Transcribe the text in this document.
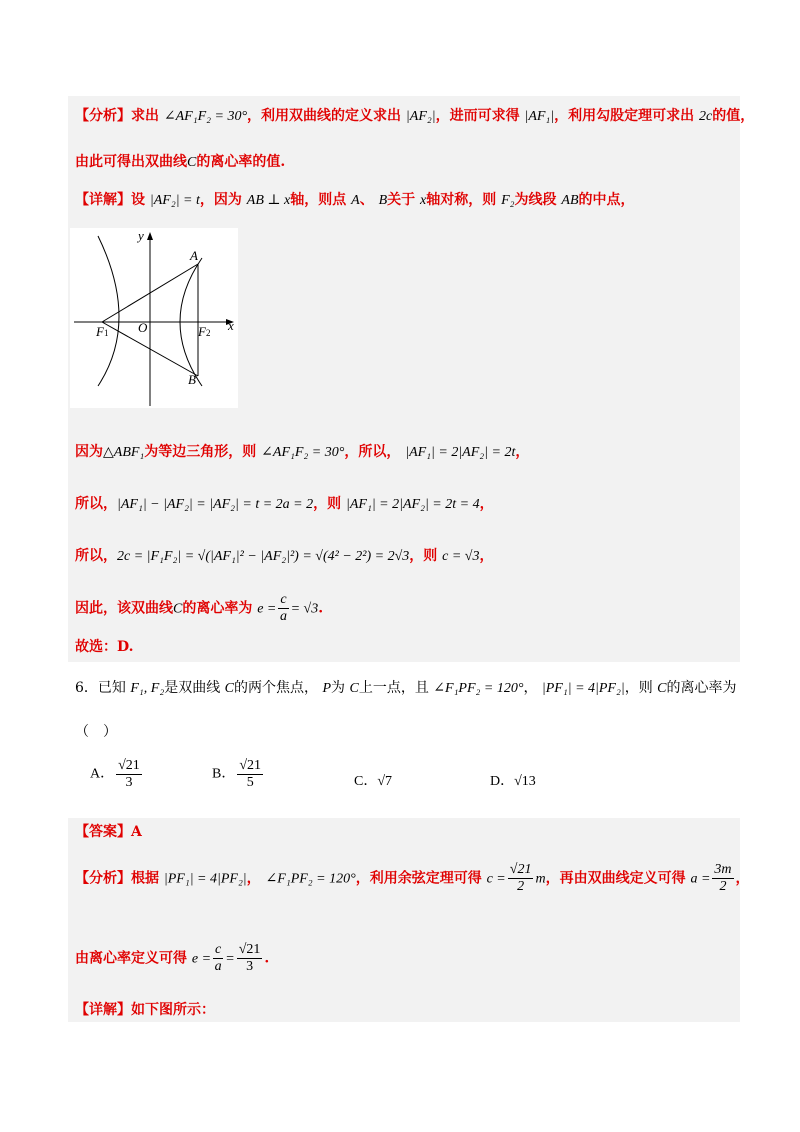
【分析】求出 ∠AF₁F₂ = 30°，利用双曲线的定义求出 |AF₂|，进而可求得 |AF₁|，利用勾股定理可求出 2c的值，
由此可得出双曲线C的离心率的值.
【详解】设 |AF₂| = t，因为 AB ⊥ x轴，则点 A、 B关于 x轴对称，则 F₂为线段 AB的中点，
y
A
F1 O	F2 x
B
因为△ABF₁为等边三角形，则 ∠AF₁F₂ = 30°，所以， |AF₁| = 2|AF₂| = 2t，
所以，|AF₁| − |AF₂| = |AF₂| = t = 2a = 2，则 |AF₁| = 2|AF₂| = 2t = 4，
所以，2c = |F₁F₂| = √(|AF₁|² − |AF₂|²) = √(4² − 2²) = 2√3，则 c = √3，
因此，该双曲线C的离心率为 $e = \frac{c}{a} = √3$.
故选：D.
6．已知 F₁, F₂是双曲线 C的两个焦点， P为 C上一点，且 ∠F₁PF₂ = 120°， |PF₁| = 4|PF₂|，则 C的离心率为
（　）
A． $\frac{√21}{3}$	B． $\frac{√21}{5}$	C．√7	D．√13
【答案】A
【分析】根据 |PF₁| = 4|PF₂|， ∠F₁PF₂ = 120°，利用余弦定理可得 $c = \frac{√21}{2}$ m，再由双曲线定义可得 $a = \frac{3m}{2}$ ，
由离心率定义可得 $e = \frac{c}{a} = \frac{√21}{3}$ .
【详解】如下图所示：
